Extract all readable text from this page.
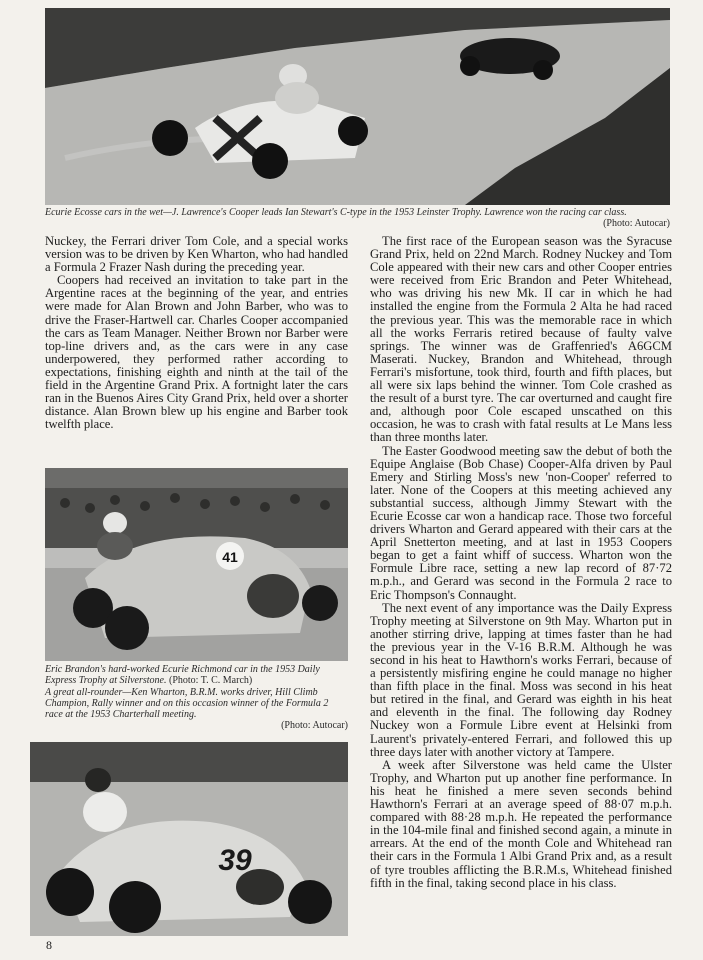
Ecurie Ecosse cars in the wet—J. Lawrence's Cooper leads Ian Stewart's C-type in the 1953 Leinster Trophy. Lawrence won the racing car class.
(Photo: Autocar)

Nuckey, the Ferrari driver Tom Cole, and a special works version was to be driven by Ken Wharton, who had handled a Formula 2 Frazer Nash during the preceding year.

Coopers had received an invitation to take part in the Argentine races at the beginning of the year, and entries were made for Alan Brown and John Barber, who was to drive the Fraser-Hartwell car. Charles Cooper accompanied the cars as Team Manager. Neither Brown nor Barber were top-line drivers and, as the cars were in any case underpowered, they performed rather according to expectations, finishing eighth and ninth at the tail of the field in the Argentine Grand Prix. A fortnight later the cars ran in the Buenos Aires City Grand Prix, held over a shorter distance. Alan Brown blew up his engine and Barber took twelfth place.

41

Eric Brandon's hard-worked Ecurie Richmond car in the 1953 Daily Express Trophy at Silverstone. (Photo: T. C. March)

A great all-rounder—Ken Wharton, B.R.M. works driver, Hill Climb Champion, Rally winner and on this occasion winner of the Formula 2 race at the 1953 Charterhall meeting.
(Photo: Autocar)

39

The first race of the European season was the Syracuse Grand Prix, held on 22nd March. Rodney Nuckey and Tom Cole appeared with their new cars and other Cooper entries were received from Eric Brandon and Peter Whitehead, who was driving his new Mk. II car in which he had installed the engine from the Formula 2 Alta he had raced the previous year. This was the memorable race in which all the works Ferraris retired because of faulty valve springs. The winner was de Graffenried's A6GCM Maserati. Nuckey, Brandon and Whitehead, through Ferrari's misfortune, took third, fourth and fifth places, but all were six laps behind the winner. Tom Cole crashed as the result of a burst tyre. The car overturned and caught fire and, although poor Cole escaped unscathed on this occasion, he was to crash with fatal results at Le Mans less than three months later.

The Easter Goodwood meeting saw the debut of both the Equipe Anglaise (Bob Chase) Cooper-Alfa driven by Paul Emery and Stirling Moss's new 'non-Cooper' referred to later. None of the Coopers at this meeting achieved any substantial success, although Jimmy Stewart with the Ecurie Ecosse car won a handicap race. Those two forceful drivers Wharton and Gerard appeared with their cars at the April Snetterton meeting, and at last in 1953 Coopers began to get a faint whiff of success. Wharton won the Formule Libre race, setting a new lap record of 87·72 m.p.h., and Gerard was second in the Formula 2 race to Eric Thompson's Connaught.

The next event of any importance was the Daily Express Trophy meeting at Silverstone on 9th May. Wharton put in another stirring drive, lapping at times faster than he had the previous year in the V-16 B.R.M. Although he was second in his heat to Hawthorn's works Ferrari, because of a persistently misfiring engine he could manage no higher than fifth place in the final. Moss was second in his heat but retired in the final, and Gerard was eighth in his heat and eleventh in the final. The following day Rodney Nuckey won a Formule Libre event at Helsinki from Laurent's privately-entered Ferrari, and followed this up three days later with another victory at Tampere.

A week after Silverstone was held came the Ulster Trophy, and Wharton put up another fine performance. In his heat he finished a mere seven seconds behind Hawthorn's Ferrari at an average speed of 88·07 m.p.h. compared with 88·28 m.p.h. He repeated the performance in the 104-mile final and finished second again, a minute in arrears. At the end of the month Cole and Whitehead ran their cars in the Formula 1 Albi Grand Prix and, as a result of tyre troubles afflicting the B.R.M.s, Whitehead finished fifth in the final, taking second place in his class.

8
